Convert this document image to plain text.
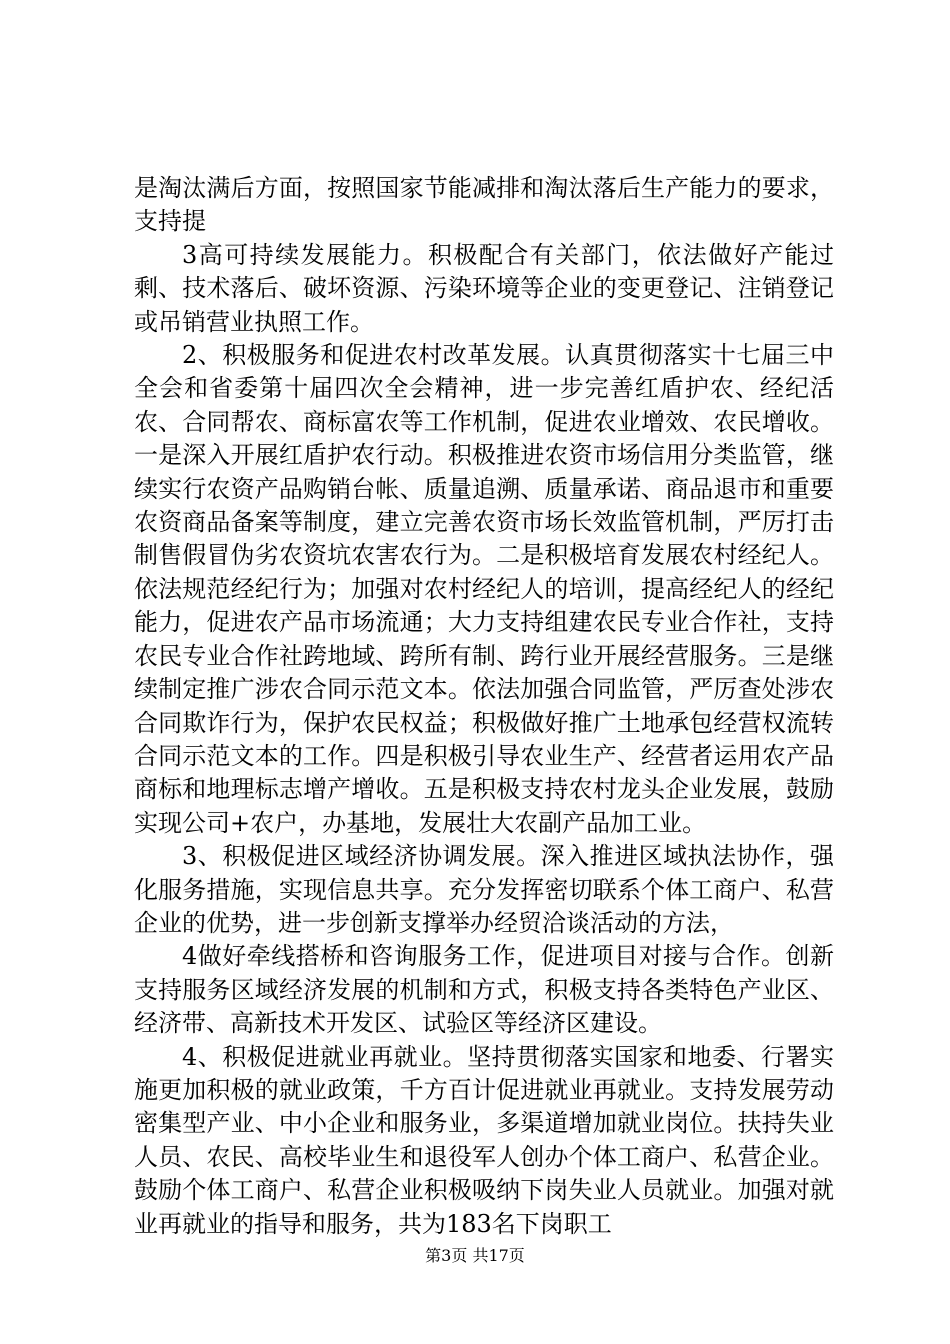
是淘汰满后方面，按照国家节能减排和淘汰落后生产能力的要求，支持提

3高可持续发展能力。积极配合有关部门，依法做好产能过剩、技术落后、破坏资源、污染环境等企业的变更登记、注销登记或吊销营业执照工作。

2、积极服务和促进农村改革发展。认真贯彻落实十七届三中全会和省委第十届四次全会精神，进一步完善红盾护农、经纪活农、合同帮农、商标富农等工作机制，促进农业增效、农民增收。一是深入开展红盾护农行动。积极推进农资市场信用分类监管，继续实行农资产品购销台帐、质量追溯、质量承诺、商品退市和重要农资商品备案等制度，建立完善农资市场长效监管机制，严厉打击制售假冒伪劣农资坑农害农行为。二是积极培育发展农村经纪人。依法规范经纪行为；加强对农村经纪人的培训，提高经纪人的经纪能力，促进农产品市场流通；大力支持组建农民专业合作社，支持农民专业合作社跨地域、跨所有制、跨行业开展经营服务。三是继续制定推广涉农合同示范文本。依法加强合同监管，严厉查处涉农合同欺诈行为，保护农民权益；积极做好推广土地承包经营权流转合同示范文本的工作。四是积极引导农业生产、经营者运用农产品商标和地理标志增产增收。五是积极支持农村龙头企业发展，鼓励实现公司+农户，办基地，发展壮大农副产品加工业。

3、积极促进区域经济协调发展。深入推进区域执法协作，强化服务措施，实现信息共享。充分发挥密切联系个体工商户、私营企业的优势，进一步创新支撑举办经贸洽谈活动的方法，

4做好牵线搭桥和咨询服务工作，促进项目对接与合作。创新支持服务区域经济发展的机制和方式，积极支持各类特色产业区、经济带、高新技术开发区、试验区等经济区建设。

4、积极促进就业再就业。坚持贯彻落实国家和地委、行署实施更加积极的就业政策，千方百计促进就业再就业。支持发展劳动密集型产业、中小企业和服务业，多渠道增加就业岗位。扶持失业人员、农民、高校毕业生和退役军人创办个体工商户、私营企业。鼓励个体工商户、私营企业积极吸纳下岗失业人员就业。加强对就业再就业的指导和服务，共为183名下岗职工

第3页 共17页
